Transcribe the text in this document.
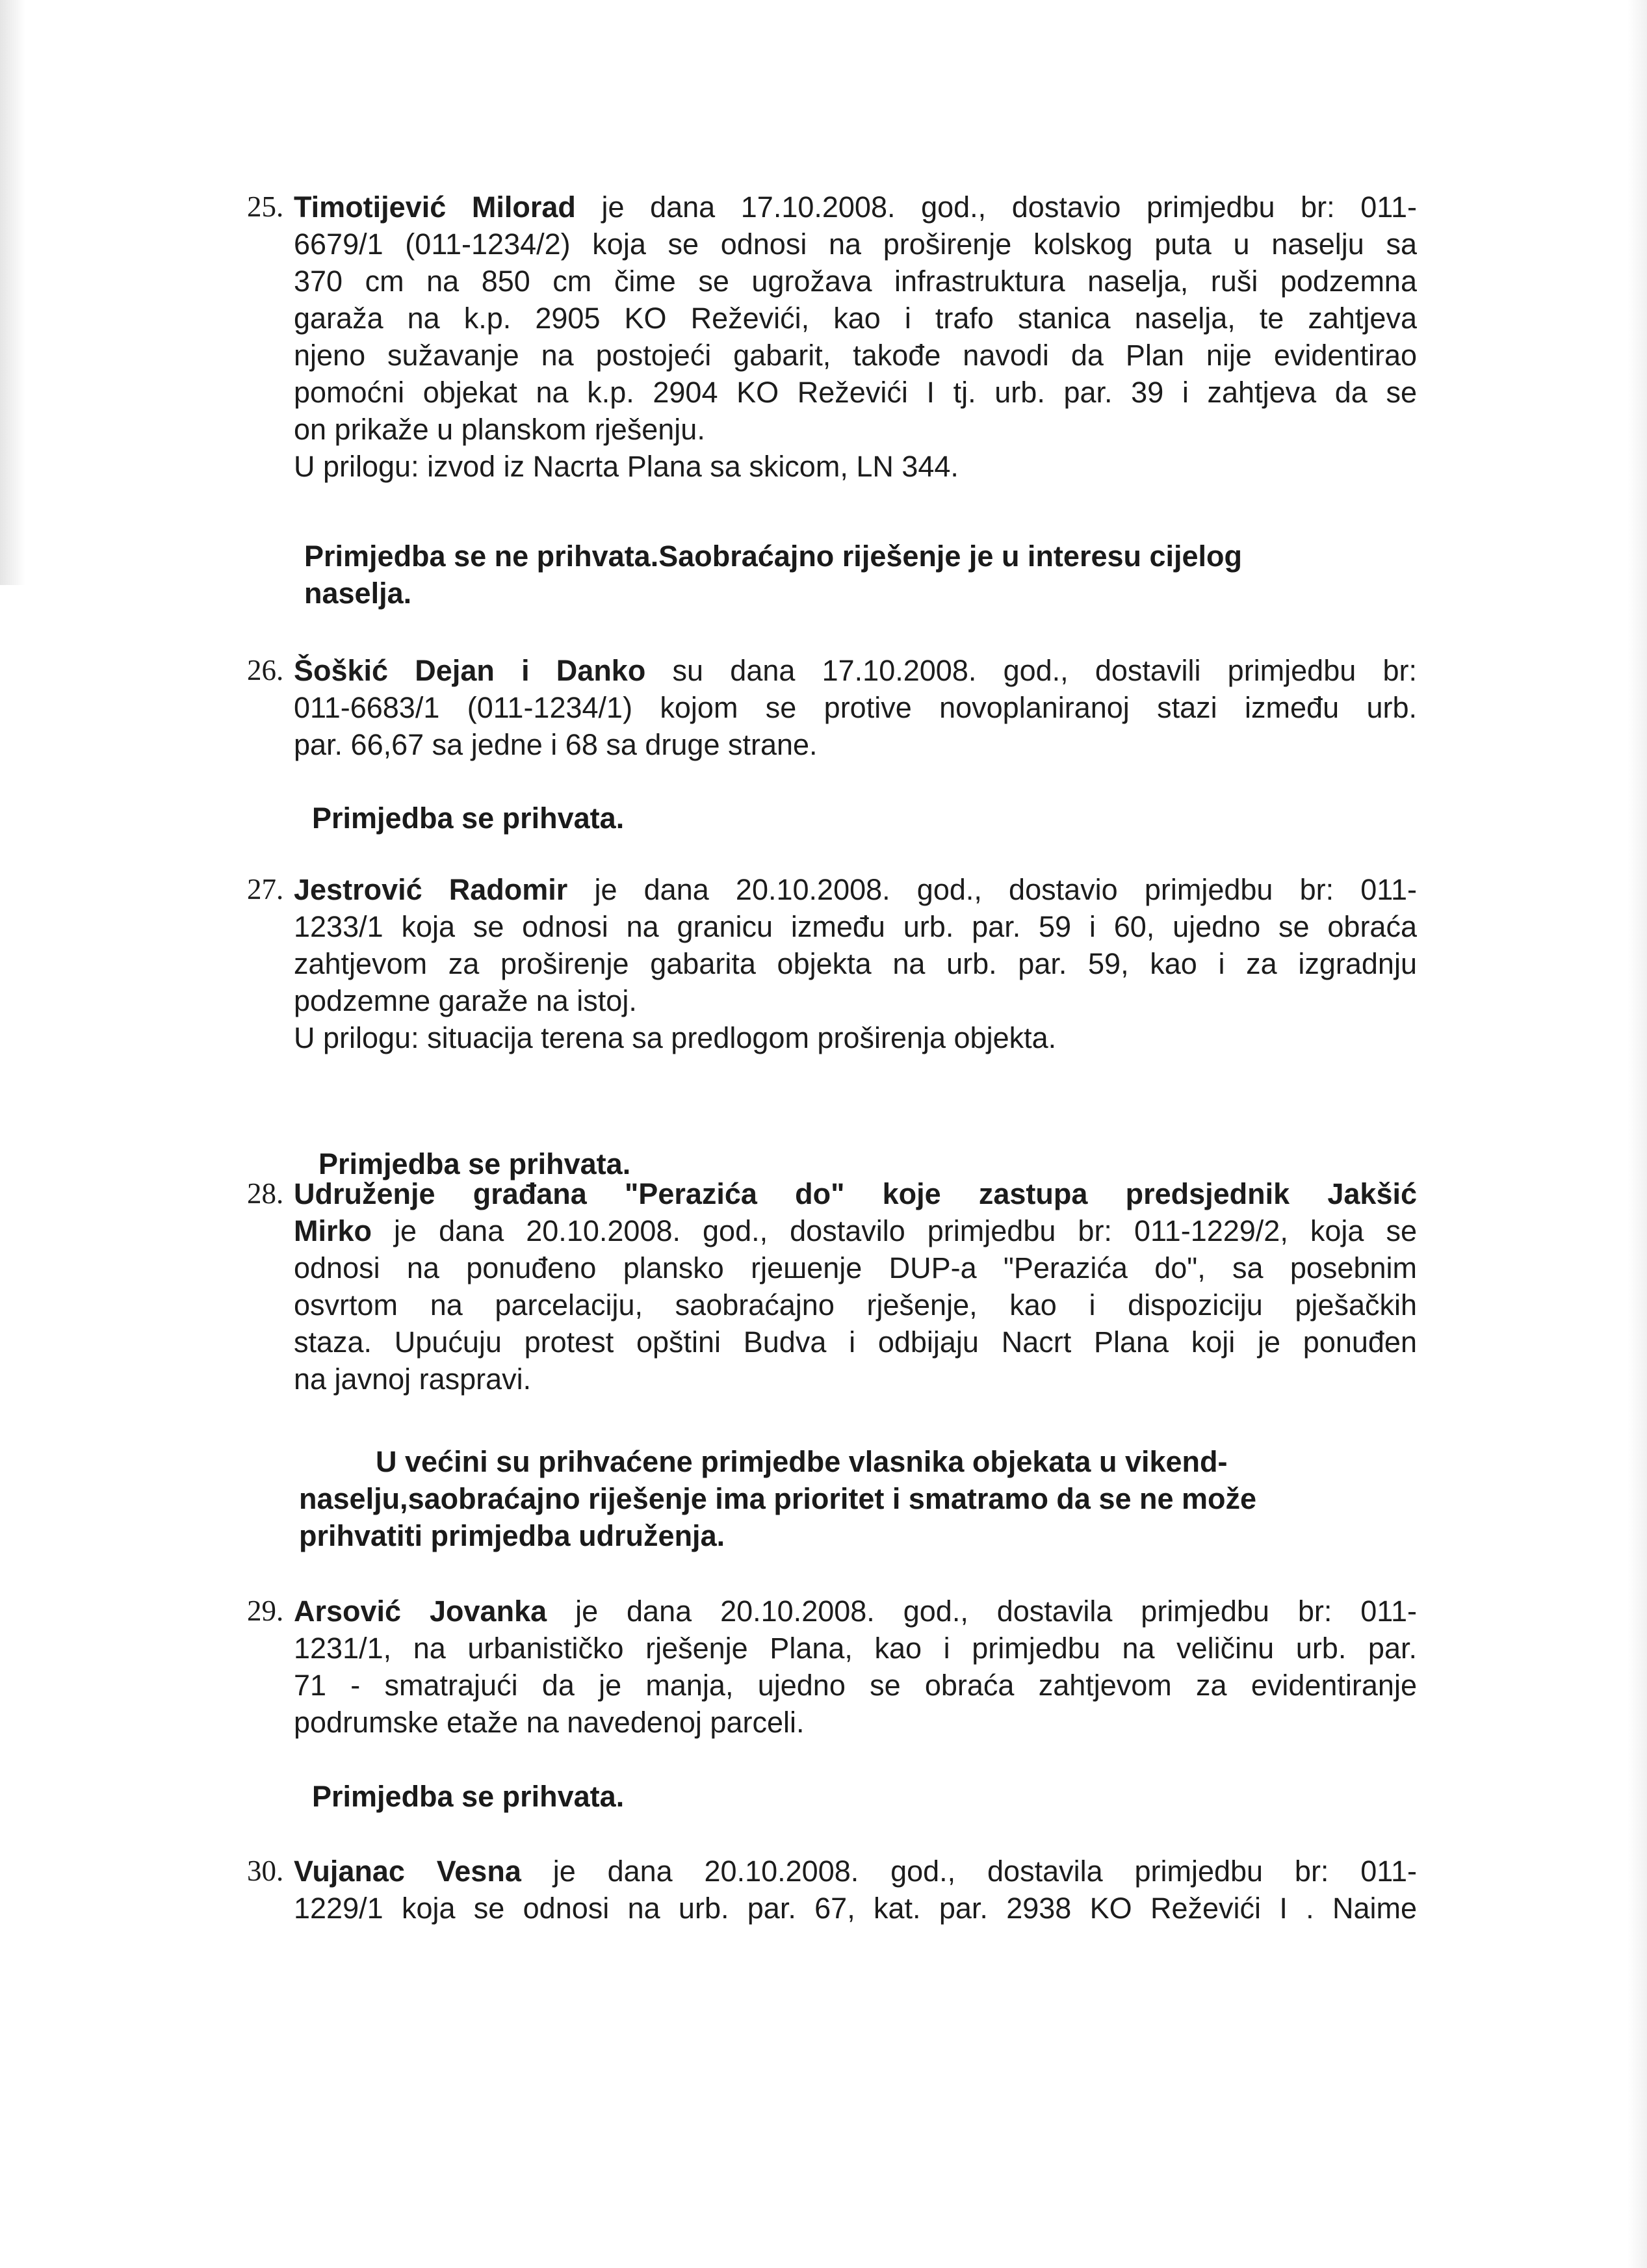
25. Timotijević Milorad je dana 17.10.2008. god., dostavio primjedbu br: 011-
6679/1 (011-1234/2) koja se odnosi na proširenje kolskog puta u naselju sa
370 cm na 850 cm čime se ugrožava infrastruktura naselja, ruši podzemna
garaža na k.p. 2905 KO Reževići, kao i trafo stanica naselja, te zahtjeva
njeno sužavanje na postojeći gabarit, takođe navodi da Plan nije evidentirao
pomoćni objekat na k.p. 2904 KO Reževići I tj. urb. par. 39 i zahtjeva da se
on prikaže u planskom rješenju.
U prilogu: izvod iz Nacrta Plana sa skicom, LN 344.
Primjedba se ne prihvata.Saobraćajno riješenje je u interesu cijelog
naselja.
26. Šoškić Dejan i Danko su dana 17.10.2008. god., dostavili primjedbu br:
011-6683/1 (011-1234/1) kojom se protive novoplaniranoj stazi između urb.
par. 66,67 sa jedne i 68 sa druge strane.
Primjedba se prihvata.
27. Jestrović Radomir je dana 20.10.2008. god., dostavio primjedbu br: 011-
1233/1 koja se odnosi na granicu između urb. par. 59 i 60, ujedno se obraća
zahtjevom za proširenje gabarita objekta na urb. par. 59, kao i za izgradnju
podzemne garaže na istoj.
U prilogu: situacija terena sa predlogom proširenja objekta.
Primjedba se prihvata.
28. Udruženje građana "Perazića do" koje zastupa predsjednik Jakšić
Mirko je dana 20.10.2008. god., dostavilo primjedbu br: 011-1229/2, koja se
odnosi na ponuđeno plansko rjешenje DUP-a "Perazića do", sa posebnim
osvrtom na parcelaciju, saobraćajno rješenje, kao i dispoziciju pješačkih
staza. Upućuju protest opštini Budva i odbijaju Nacrt Plana koji je ponuđen
na javnoj raspravi.
U većini su prihvaćene primjedbe vlasnika objekata u vikend-
naselju,saobraćajno riješenje ima prioritet i smatramo da se ne može
prihvatiti primjedba udruženja.
29. Arsović Jovanka je dana 20.10.2008. god., dostavila primjedbu br: 011-
1231/1, na urbanističko rješenje Plana, kao i primjedbu na veličinu urb. par.
71 - smatrajući da je manja, ujedno se obraća zahtjevom za evidentiranje
podrumske etaže na navedenoj parceli.
Primjedba se prihvata.
30. Vujanac Vesna je dana 20.10.2008. god., dostavila primjedbu br: 011-
1229/1 koja se odnosi na urb. par. 67, kat. par. 2938 KO Reževići I . Naime
